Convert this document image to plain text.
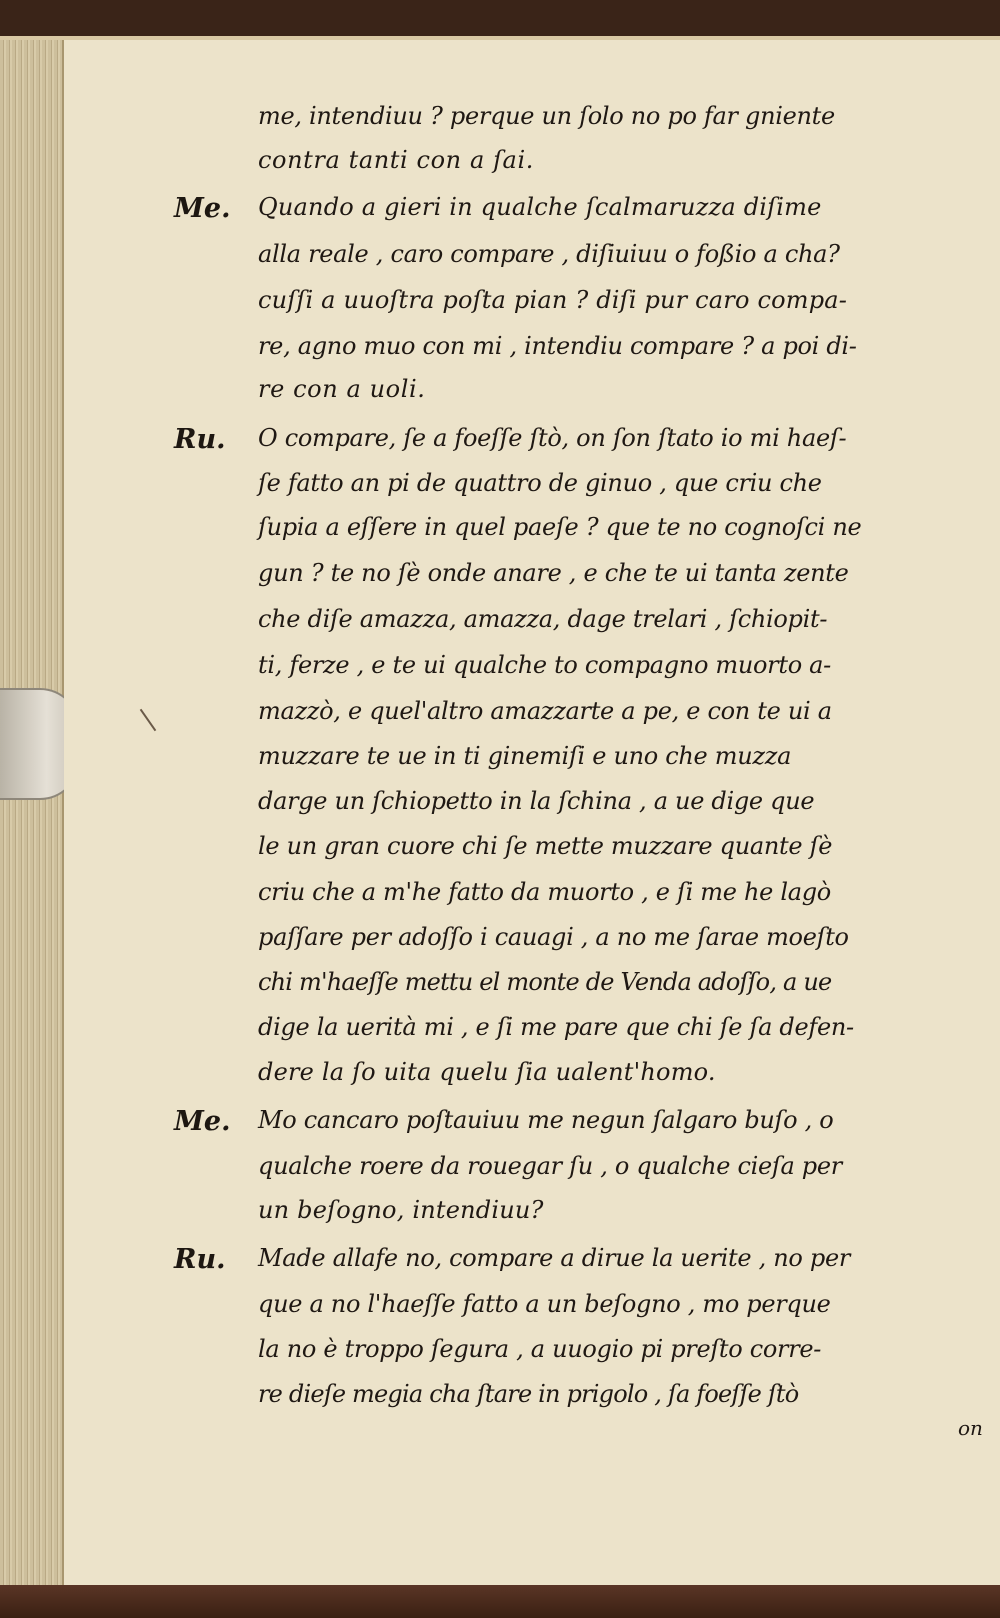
me, intendiuu ? perque un ſolo no po far gniente
contra tanti con a ſai.
Me. Quando a gieri in qualche ſcalmaruzza diſime
alla reale , caro compare , diſiuiuu o foßio a cha?
cuſſi a uuoſtra poſta pian ? diſi pur caro compa-
re, agno muo con mi , intendiu compare ? a poi di-
re con a uoli.
Ru. O compare, ſe a foeſſe ſtò, on ſon ſtato io mi haeſ-
ſe fatto an pi de quattro de ginuo , que criu che
ſupia a eſſere in quel paeſe ? que te no cognoſci ne
gun ? te no ſè onde anare , e che te ui tanta zente
che diſe amazza, amazza, dage trelari , ſchiopit-
ti, ferze , e te ui qualche to compagno muorto a-
mazzò, e quel'altro amazzarte a pe, e con te ui a
muzzare te ue in ti ginemiſi e uno che muzza
darge un ſchiopetto in la ſchina , a ue dige que
le un gran cuore chi ſe mette muzzare quante ſè
criu che a m'he fatto da muorto , e ſi me he lagò
paſſare per adoſſo i cauagi , a no me ſarae moeſto
chi m'haeſſe mettu el monte de Venda adoſſo, a ue
dige la uerità mi , e ſi me pare que chi ſe ſa defen-
dere la ſo uita quelu ſia ualent'homo.
Me. Mo cancaro poſtauiuu me negun ſalgaro buſo , o
qualche roere da rouegar ſu , o qualche cieſa per
un beſogno, intendiuu?
Ru. Made allafe no, compare a dirue la uerite , no per
que a no l'haeſſe fatto a un beſogno , mo perque
la no è troppo ſegura , a uuogio pi preſto corre-
re dieſe megia cha ſtare in prigolo , ſa foeſſe ſtò
on
